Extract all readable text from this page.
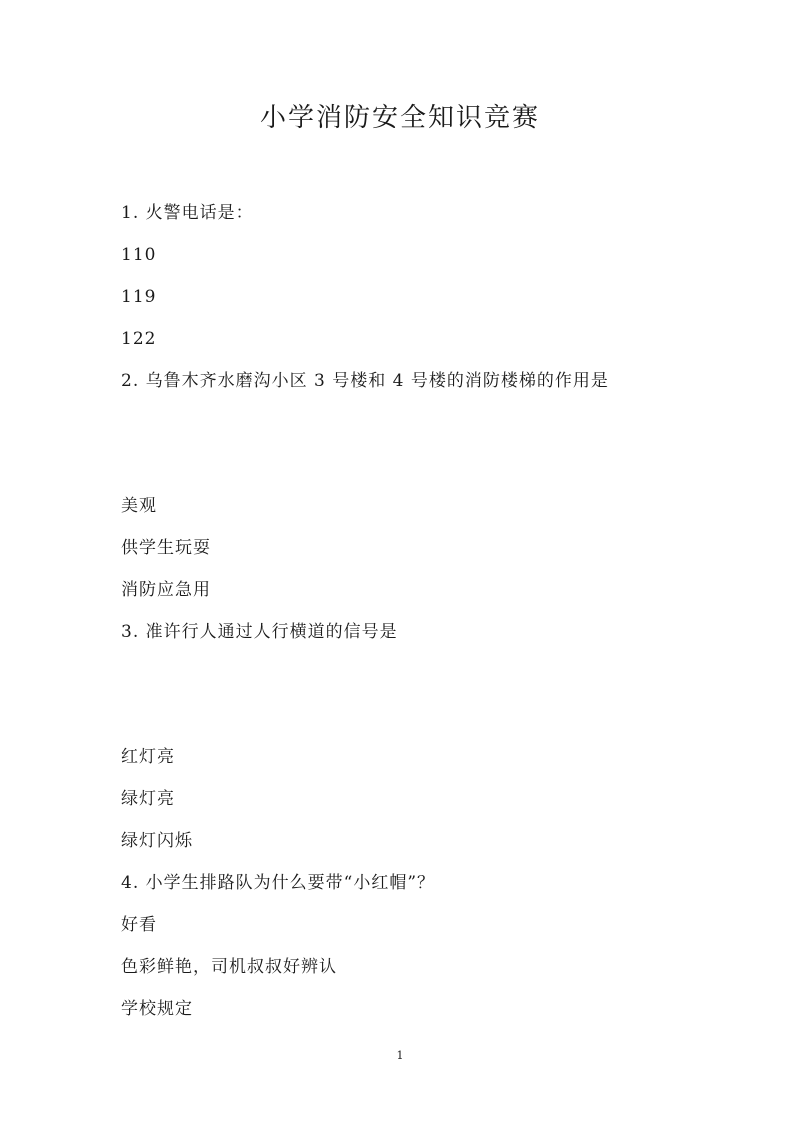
小学消防安全知识竞赛
1. 火警电话是：
110
119
122
2. 乌鲁木齐水磨沟小区 3 号楼和 4 号楼的消防楼梯的作用是
美观
供学生玩耍
消防应急用
3. 准许行人通过人行横道的信号是
红灯亮
绿灯亮
绿灯闪烁
4. 小学生排路队为什么要带“小红帽”？
好看
色彩鲜艳，司机叔叔好辨认
学校规定
1
